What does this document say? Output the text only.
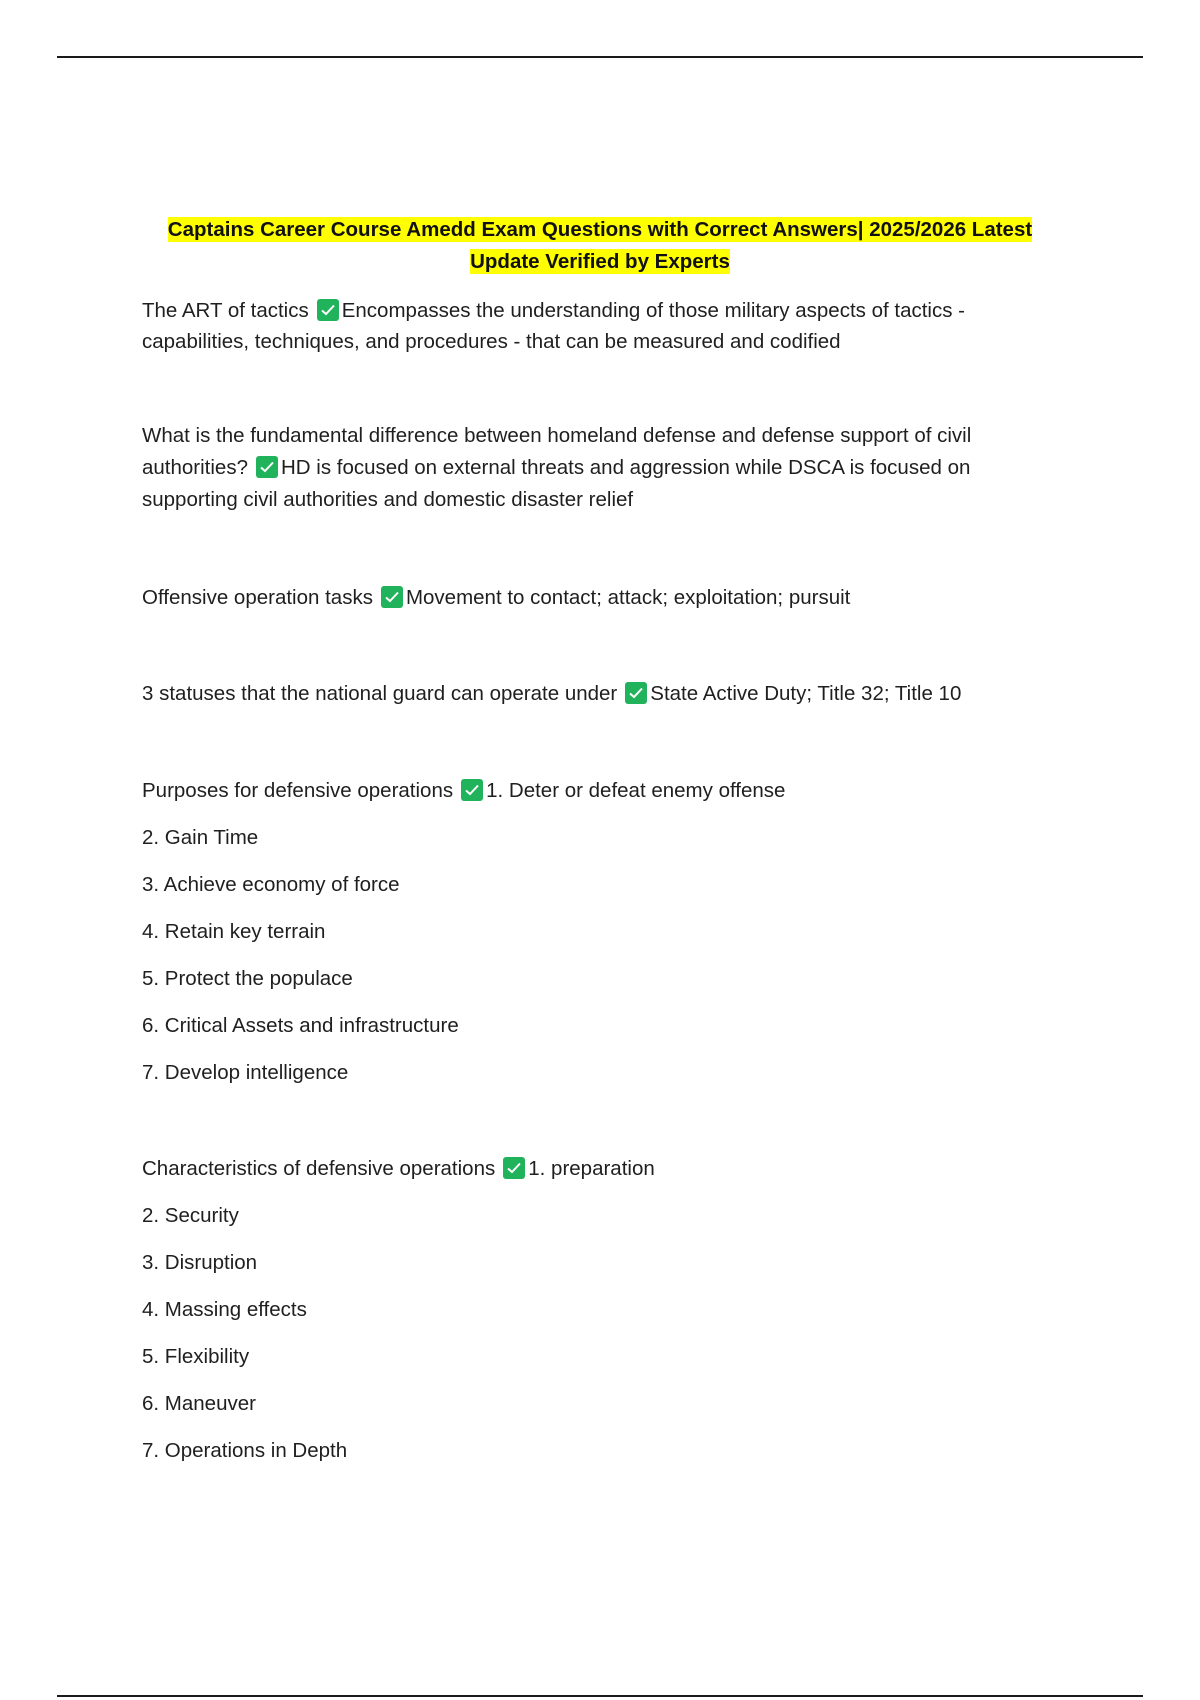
Captains Career Course Amedd Exam Questions with Correct Answers| 2025/2026 Latest
Update Verified by Experts
The ART of tactics Encompasses the understanding of those military aspects of tactics -
capabilities, techniques, and procedures - that can be measured and codified
What is the fundamental difference between homeland defense and defense support of civil
authorities? HD is focused on external threats and aggression while DSCA is focused on
supporting civil authorities and domestic disaster relief
Offensive operation tasks Movement to contact; attack; exploitation; pursuit
3 statuses that the national guard can operate under State Active Duty; Title 32; Title 10
Purposes for defensive operations 1. Deter or defeat enemy offense
2. Gain Time
3. Achieve economy of force
4. Retain key terrain
5. Protect the populace
6. Critical Assets and infrastructure
7. Develop intelligence
Characteristics of defensive operations 1. preparation
2. Security
3. Disruption
4. Massing effects
5. Flexibility
6. Maneuver
7. Operations in Depth
